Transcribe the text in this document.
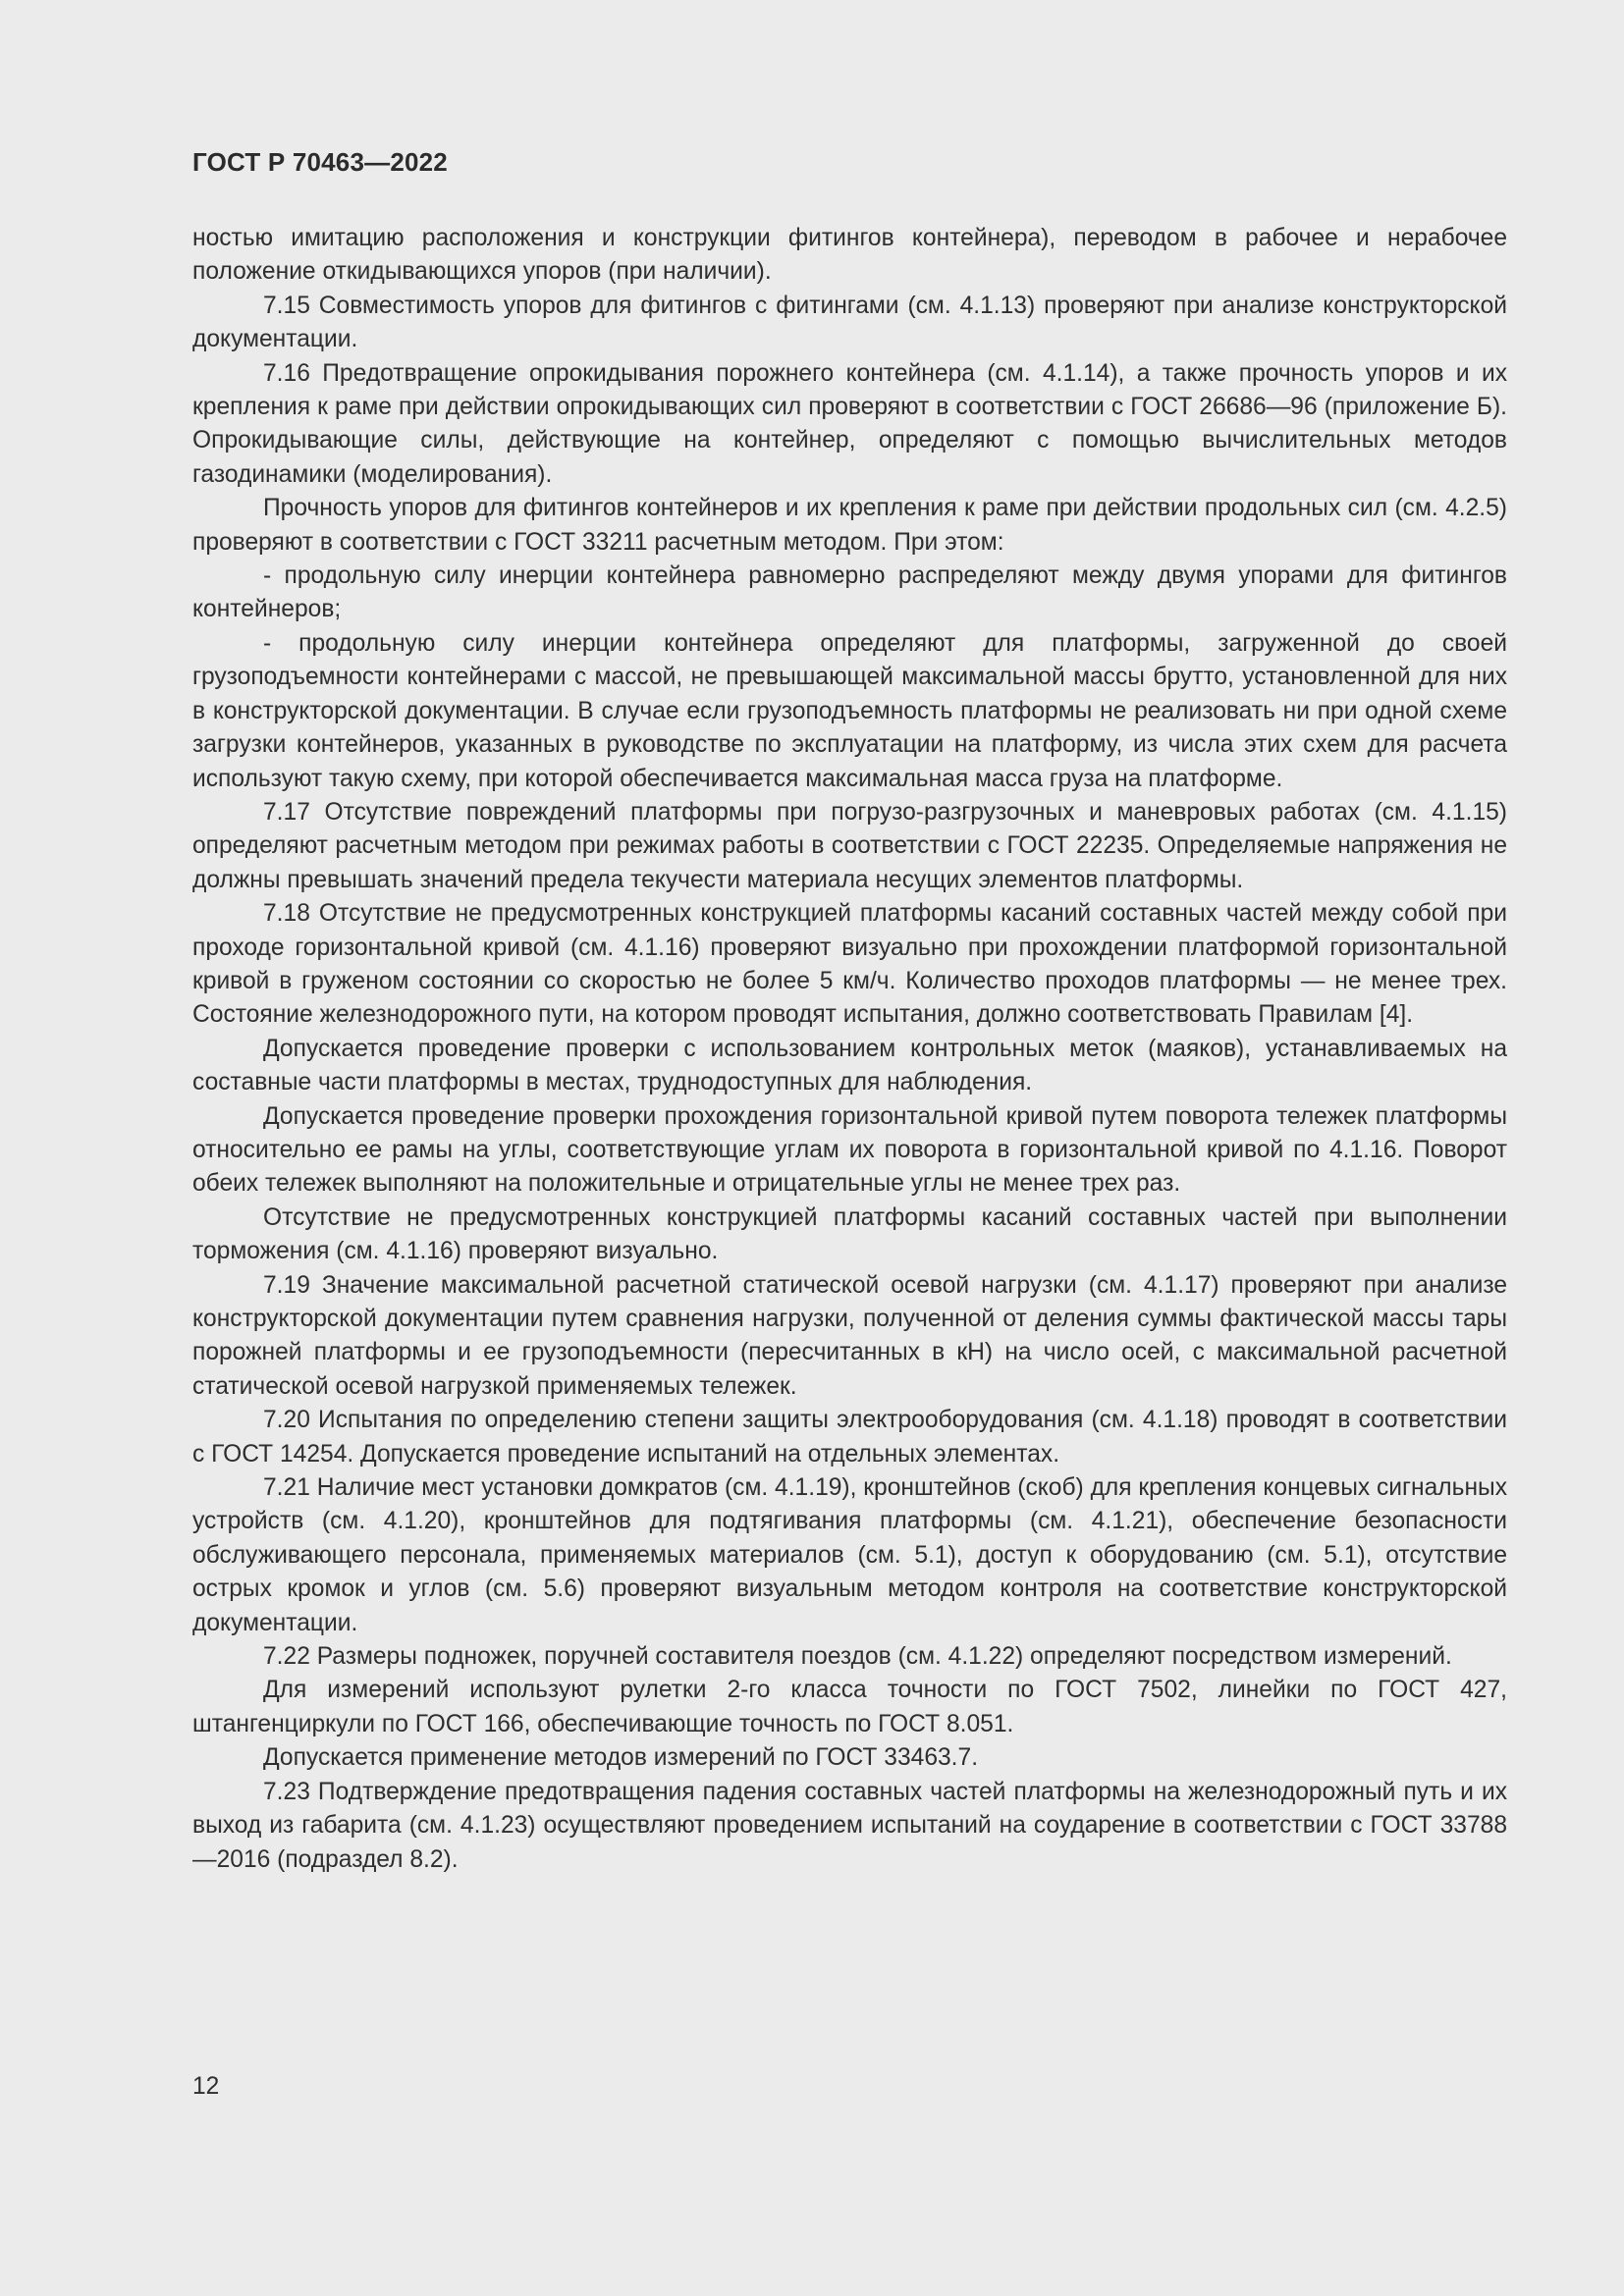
ГОСТ Р 70463—2022

ностью имитацию расположения и конструкции фитингов контейнера), переводом в рабочее и нерабочее положение откидывающихся упоров (при наличии).

7.15 Совместимость упоров для фитингов с фитингами (см. 4.1.13) проверяют при анализе конструкторской документации.

7.16 Предотвращение опрокидывания порожнего контейнера (см. 4.1.14), а также прочность упоров и их крепления к раме при действии опрокидывающих сил проверяют в соответствии с ГОСТ 26686—96 (приложение Б). Опрокидывающие силы, действующие на контейнер, определяют с помощью вычислительных методов газодинамики (моделирования).

Прочность упоров для фитингов контейнеров и их крепления к раме при действии продольных сил (см. 4.2.5) проверяют в соответствии с ГОСТ 33211 расчетным методом. При этом:

- продольную силу инерции контейнера равномерно распределяют между двумя упорами для фитингов контейнеров;

- продольную силу инерции контейнера определяют для платформы, загруженной до своей грузоподъемности контейнерами с массой, не превышающей максимальной массы брутто, установленной для них в конструкторской документации. В случае если грузоподъемность платформы не реализовать ни при одной схеме загрузки контейнеров, указанных в руководстве по эксплуатации на платформу, из числа этих схем для расчета используют такую схему, при которой обеспечивается максимальная масса груза на платформе.

7.17 Отсутствие повреждений платформы при погрузо-разгрузочных и маневровых работах (см. 4.1.15) определяют расчетным методом при режимах работы в соответствии с ГОСТ 22235. Определяемые напряжения не должны превышать значений предела текучести материала несущих элементов платформы.

7.18 Отсутствие не предусмотренных конструкцией платформы касаний составных частей между собой при проходе горизонтальной кривой (см. 4.1.16) проверяют визуально при прохождении платформой горизонтальной кривой в груженом состоянии со скоростью не более 5 км/ч. Количество проходов платформы — не менее трех. Состояние железнодорожного пути, на котором проводят испытания, должно соответствовать Правилам [4].

Допускается проведение проверки с использованием контрольных меток (маяков), устанавливаемых на составные части платформы в местах, труднодоступных для наблюдения.

Допускается проведение проверки прохождения горизонтальной кривой путем поворота тележек платформы относительно ее рамы на углы, соответствующие углам их поворота в горизонтальной кривой по 4.1.16. Поворот обеих тележек выполняют на положительные и отрицательные углы не менее трех раз.

Отсутствие не предусмотренных конструкцией платформы касаний составных частей при выполнении торможения (см. 4.1.16) проверяют визуально.

7.19 Значение максимальной расчетной статической осевой нагрузки (см. 4.1.17) проверяют при анализе конструкторской документации путем сравнения нагрузки, полученной от деления суммы фактической массы тары порожней платформы и ее грузоподъемности (пересчитанных в кН) на число осей, с максимальной расчетной статической осевой нагрузкой применяемых тележек.

7.20 Испытания по определению степени защиты электрооборудования (см. 4.1.18) проводят в соответствии с ГОСТ 14254. Допускается проведение испытаний на отдельных элементах.

7.21 Наличие мест установки домкратов (см. 4.1.19), кронштейнов (скоб) для крепления концевых сигнальных устройств (см. 4.1.20), кронштейнов для подтягивания платформы (см. 4.1.21), обеспечение безопасности обслуживающего персонала, применяемых материалов (см. 5.1), доступ к оборудованию (см. 5.1), отсутствие острых кромок и углов (см. 5.6) проверяют визуальным методом контроля на соответствие конструкторской документации.

7.22 Размеры подножек, поручней составителя поездов (см. 4.1.22) определяют посредством измерений.

Для измерений используют рулетки 2-го класса точности по ГОСТ 7502, линейки по ГОСТ 427, штангенциркули по ГОСТ 166, обеспечивающие точность по ГОСТ 8.051.

Допускается применение методов измерений по ГОСТ 33463.7.

7.23 Подтверждение предотвращения падения составных частей платформы на железнодорожный путь и их выход из габарита (см. 4.1.23) осуществляют проведением испытаний на соударение в соответствии с ГОСТ 33788—2016 (подраздел 8.2).

12
